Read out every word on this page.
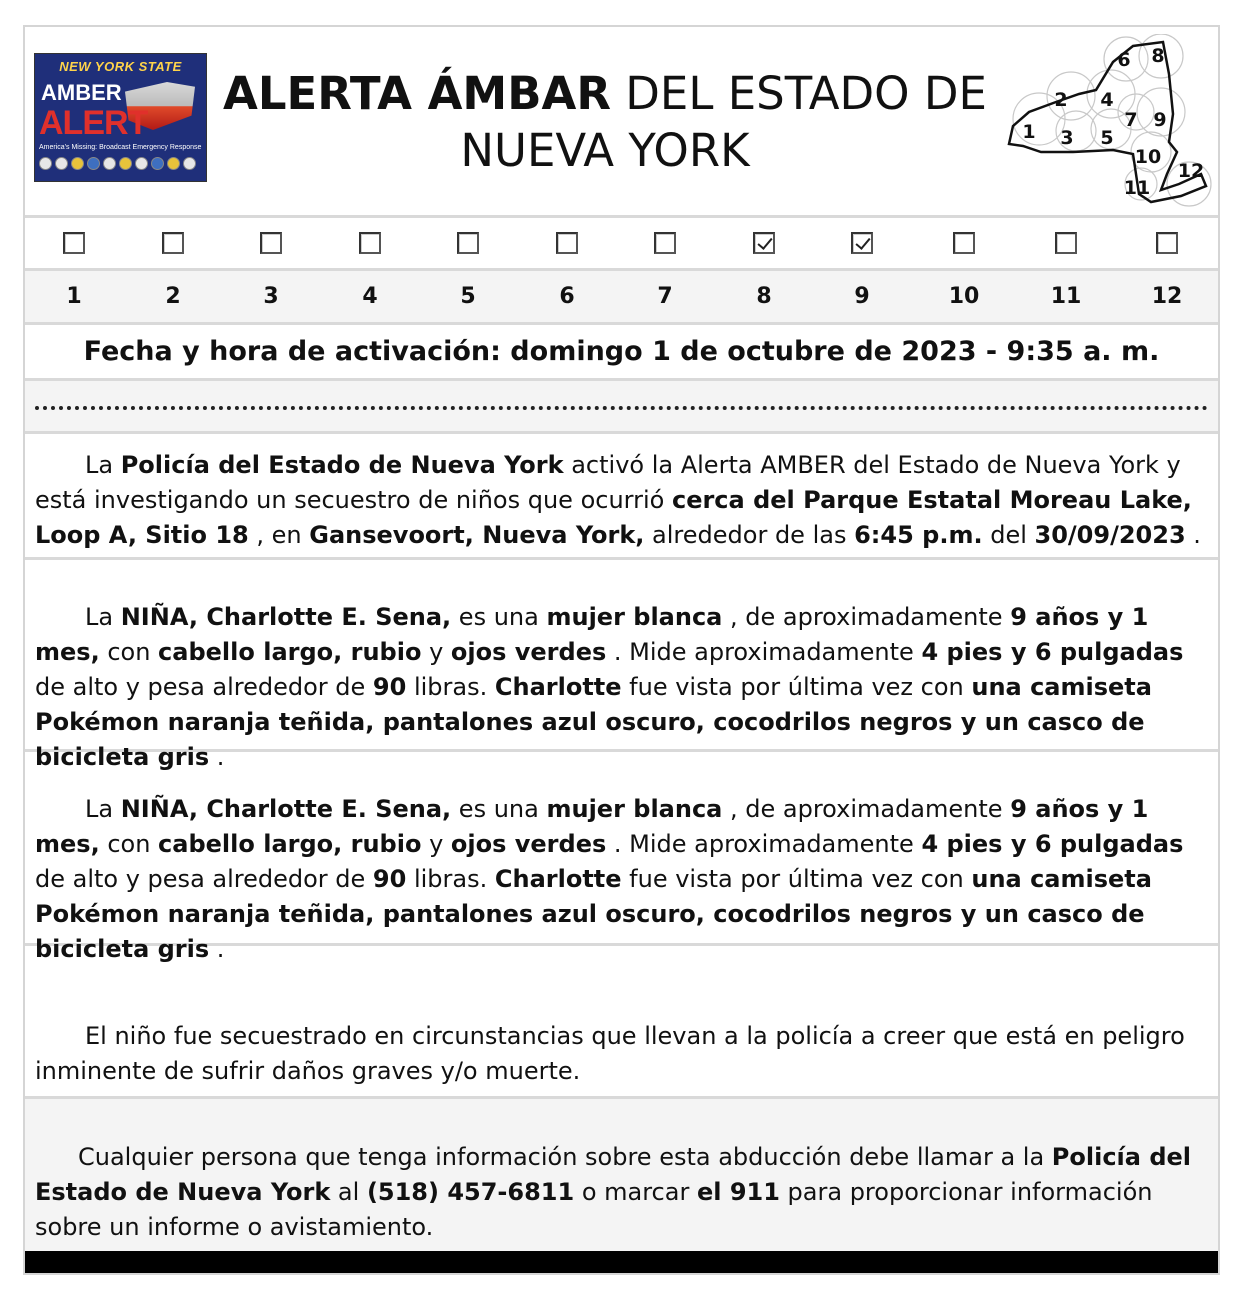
NEW YORK STATE
AMBER
ALERT
America's Missing: Broadcast Emergency Response
ALERTA ÁMBAR DEL ESTADO DE NUEVA YORK	1
2
3
4
5
6
7
8
9
10
11
12
1	2	3	4	5	6	7	8	9	10	11	12
Fecha y hora de activación: domingo 1 de octubre de 2023 - 9:35 a. m.
La Policía del Estado de Nueva York activó la Alerta AMBER del Estado de Nueva York y está investigando un secuestro de niños que ocurrió cerca del Parque Estatal Moreau Lake, Loop A, Sitio 18 , en Gansevoort, Nueva York, alrededor de las 6:45 p.m. del 30/09/2023 .
La NIÑA, Charlotte E. Sena, es una mujer blanca , de aproximadamente 9 años y 1 mes, con cabello largo, rubio y ojos verdes . Mide aproximadamente 4 pies y 6 pulgadas de alto y pesa alrededor de 90 libras. Charlotte fue vista por última vez con una camiseta Pokémon naranja teñida, pantalones azul oscuro, cocodrilos negros y un casco de bicicleta gris .
La NIÑA, Charlotte E. Sena, es una mujer blanca , de aproximadamente 9 años y 1 mes, con cabello largo, rubio y ojos verdes . Mide aproximadamente 4 pies y 6 pulgadas de alto y pesa alrededor de 90 libras. Charlotte fue vista por última vez con una camiseta Pokémon naranja teñida, pantalones azul oscuro, cocodrilos negros y un casco de bicicleta gris .
El niño fue secuestrado en circunstancias que llevan a la policía a creer que está en peligro inminente de sufrir daños graves y/o muerte.
Cualquier persona que tenga información sobre esta abducción debe llamar a la Policía del Estado de Nueva York al (518) 457-6811 o marcar el 911 para proporcionar información sobre un informe o avistamiento.
